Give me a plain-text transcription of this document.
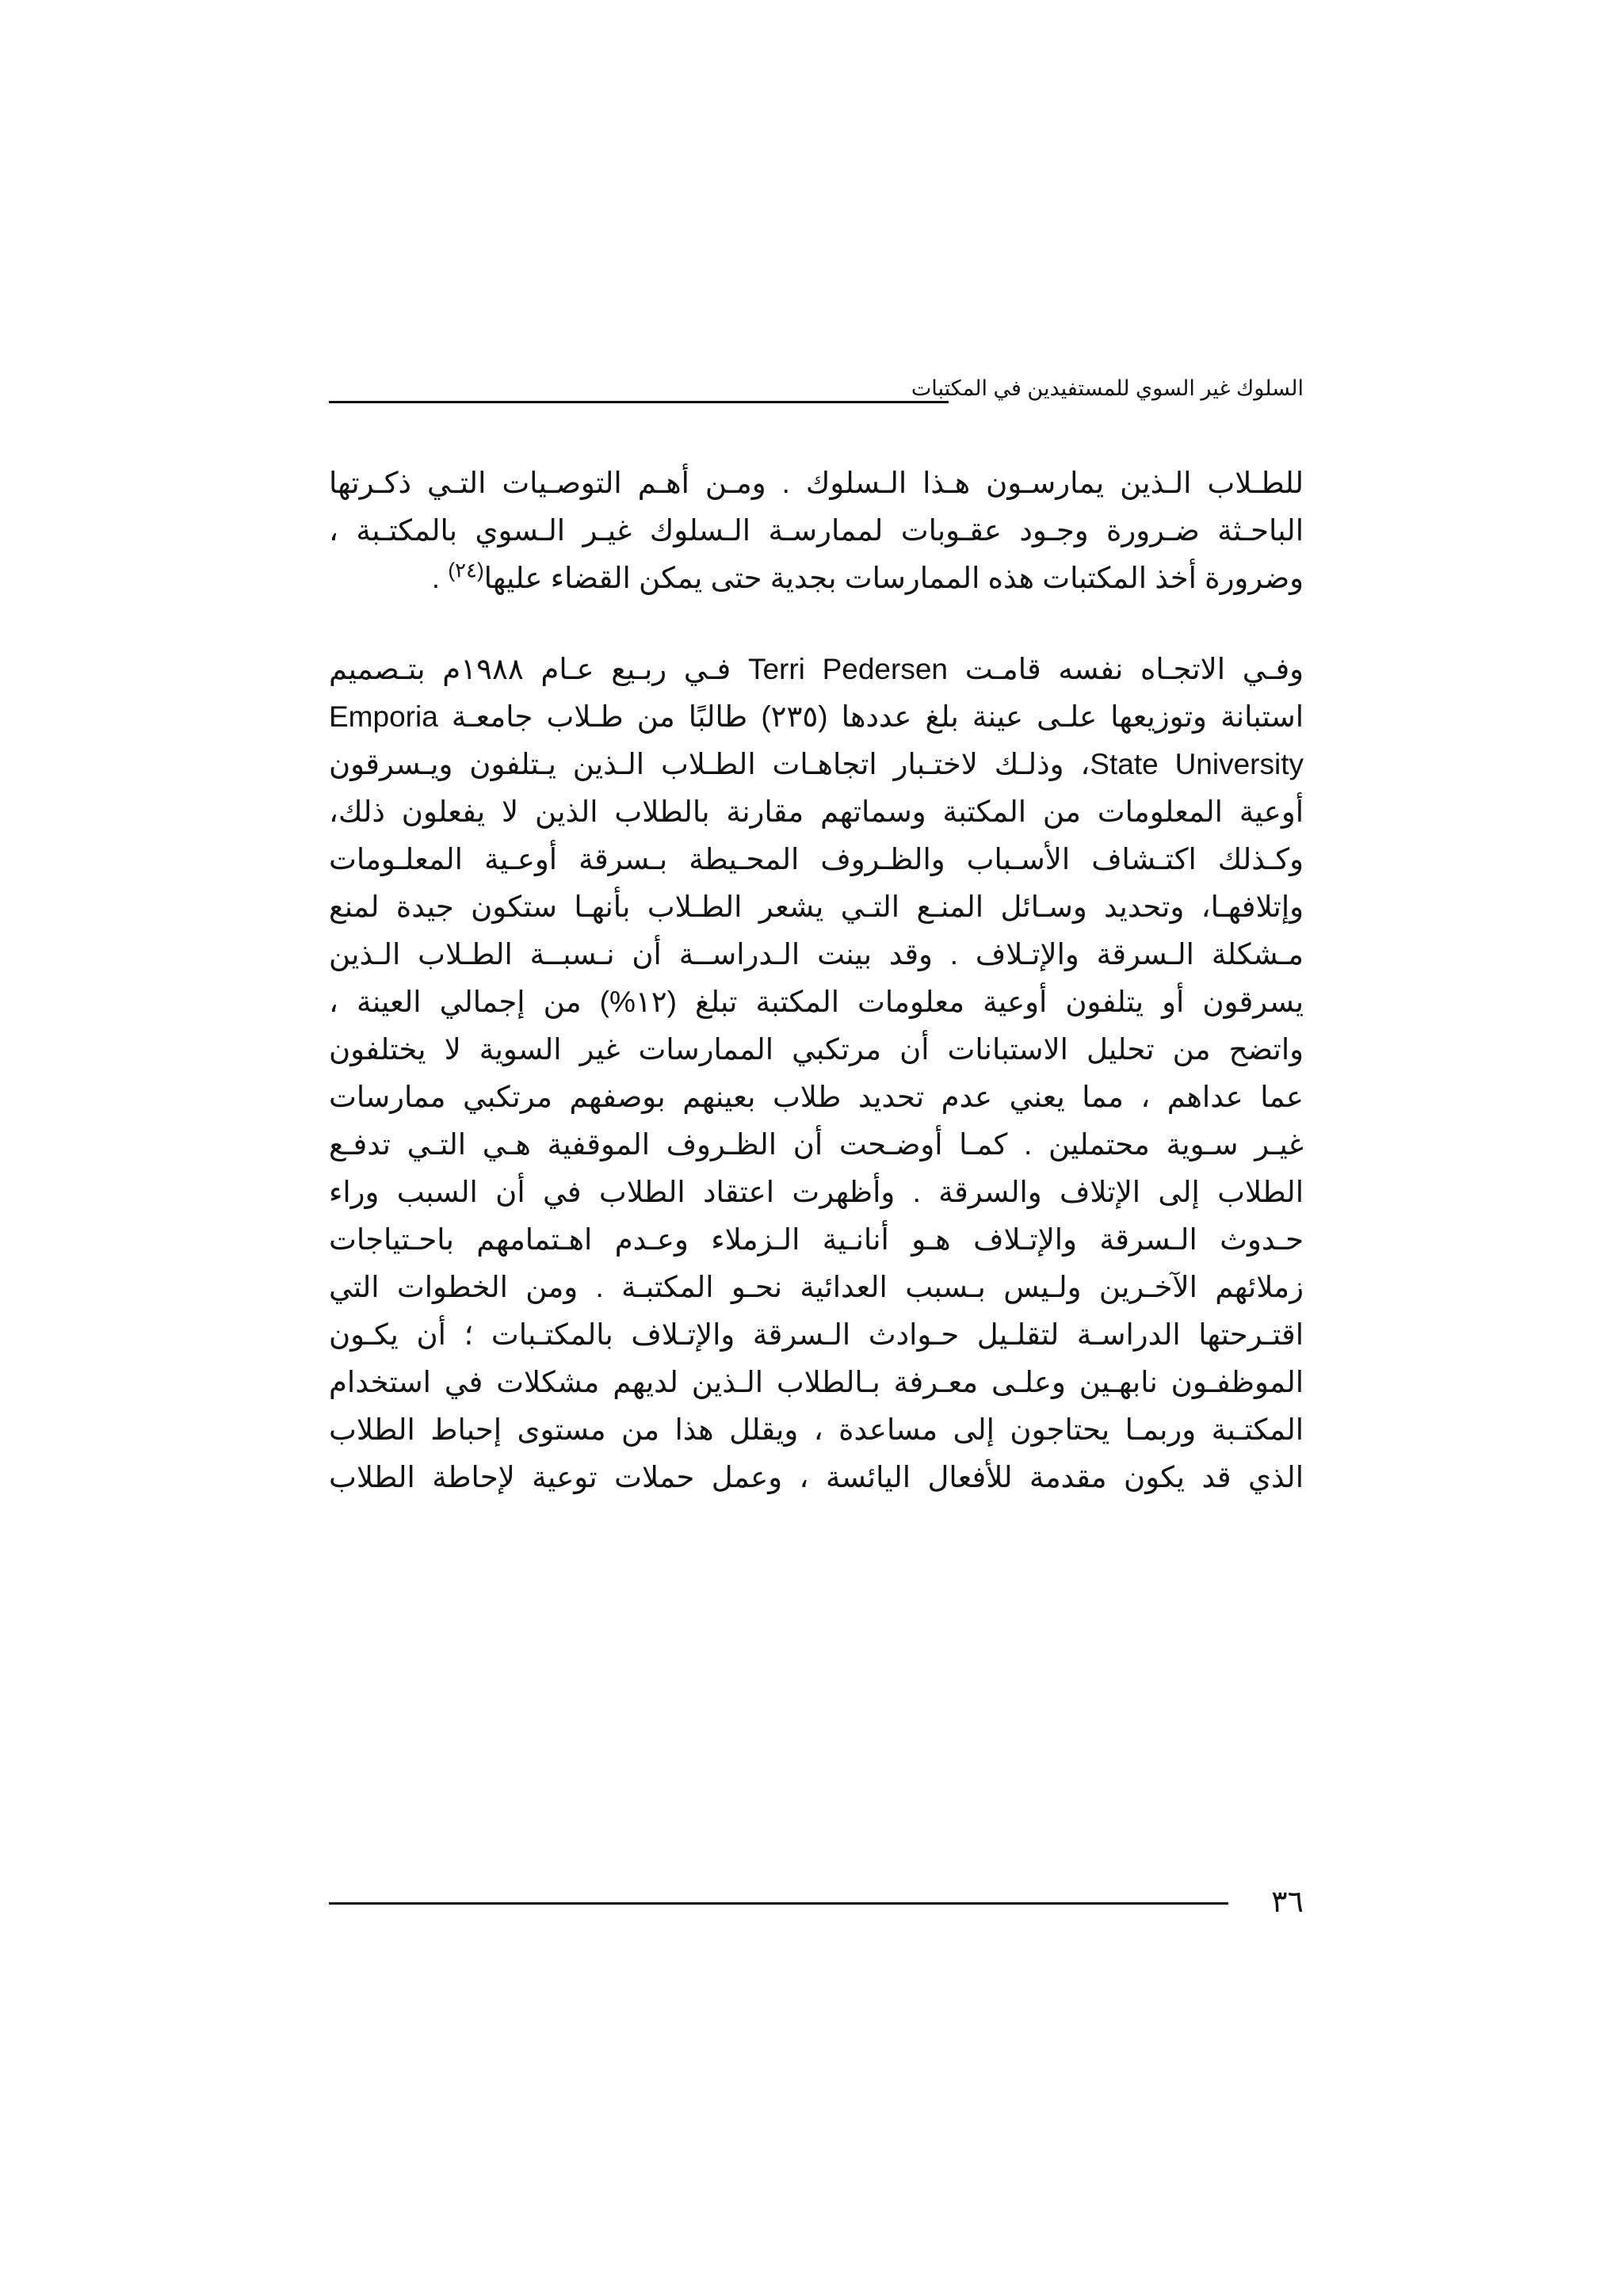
السلوك غير السوي للمستفيدين في المكتبات
للطـلاب الـذين يمارسـون هـذا الـسلوك . ومـن أهـم التوصـيات التـي ذكـرتها
الباحـثة ضـرورة وجـود عقـوبات لممارسـة الـسلوك غيـر الـسوي بالمكتـبة ،
وضرورة أخذ المكتبات هذه الممارسات بجدية حتى يمكن القضاء عليها$^{(٢٤)}$ .
وفـي الاتجـاه نفسه قامـت Terri Pedersen فـي ربـيع عـام ١٩٨٨م بتـصميم
استبانة وتوزيعها علـى عينة بلغ عددها (٢٣٥) طالبًا من طـلاب جامعـة Emporia
State University، وذلـك لاختـبار اتجاهـات الطـلاب الـذين يـتلفون ويـسرقون
أوعية المعلومات من المكتبة وسماتهم مقارنة بالطلاب الذين لا يفعلون ذلك،
وكـذلك اكتـشاف الأسـباب والظـروف المحـيطة بـسرقة أوعـية المعلـومات
وإتلافهـا، وتحديد وسـائل المنـع التـي يشعر الطـلاب بأنهـا ستكون جيدة لمنع
مـشكلة الـسرقة والإتـلاف . وقد بينت الـدراســة أن نـسبــة الطـلاب الـذين
يسرقون أو يتلفون أوعية معلومات المكتبة تبلغ (١٢%) من إجمالي العينة ،
واتضح من تحليل الاستبانات أن مرتكبي الممارسات غير السوية لا يختلفون
عما عداهم ، مما يعني عدم تحديد طلاب بعينهم بوصفهم مرتكبي ممارسات
غيـر سـوية محتملين . كمـا أوضـحت أن الظـروف الموقفية هـي التـي تدفـع
الطلاب إلى الإتلاف والسرقة . وأظهرت اعتقاد الطلاب في أن السبب وراء
حـدوث الـسرقة والإتـلاف هـو أنانـية الـزملاء وعـدم اهـتمامهم باحـتياجات
زملائهم الآخـرين ولـيس بـسبب العدائية نحـو المكتبـة . ومن الخطوات التي
اقتـرحتها الدراسـة لتقلـيل حـوادث الـسرقة والإتـلاف بالمكتـبات ؛ أن يكـون
الموظفـون نابهـين وعلـى معـرفة بـالطلاب الـذين لديهم مشكلات في استخدام
المكتـبة وربمـا يحتاجون إلى مساعدة ، ويقلل هذا من مستوى إحباط الطلاب
الذي قد يكون مقدمة للأفعال اليائسة ، وعمل حملات توعية لإحاطة الطلاب
٣٦
